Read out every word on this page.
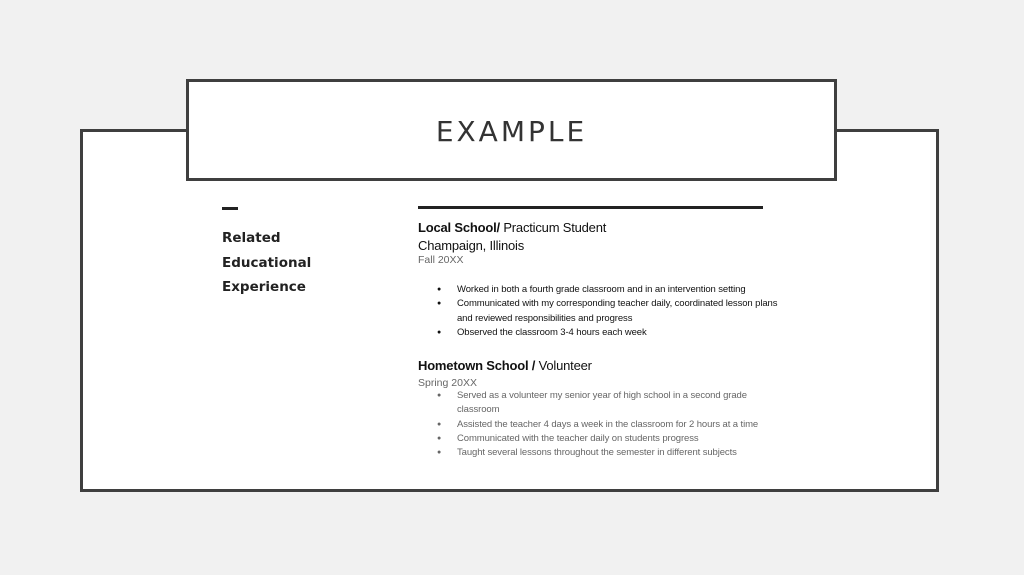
EXAMPLE
Related
Educational
Experience
Local School/ Practicum Student
Champaign, Illinois
Fall 20XX
● Worked in both a fourth grade classroom and in an intervention setting
● Communicated with my corresponding teacher daily, coordinated lesson plans and reviewed responsibilities and progress
● Observed the classroom 3-4 hours each week
Hometown School / Volunteer
Spring 20XX
● Served as a volunteer my senior year of high school in a second grade classroom
● Assisted the teacher 4 days a week in the classroom for 2 hours at a time
● Communicated with the teacher daily on students progress
● Taught several lessons throughout the semester in different subjects
